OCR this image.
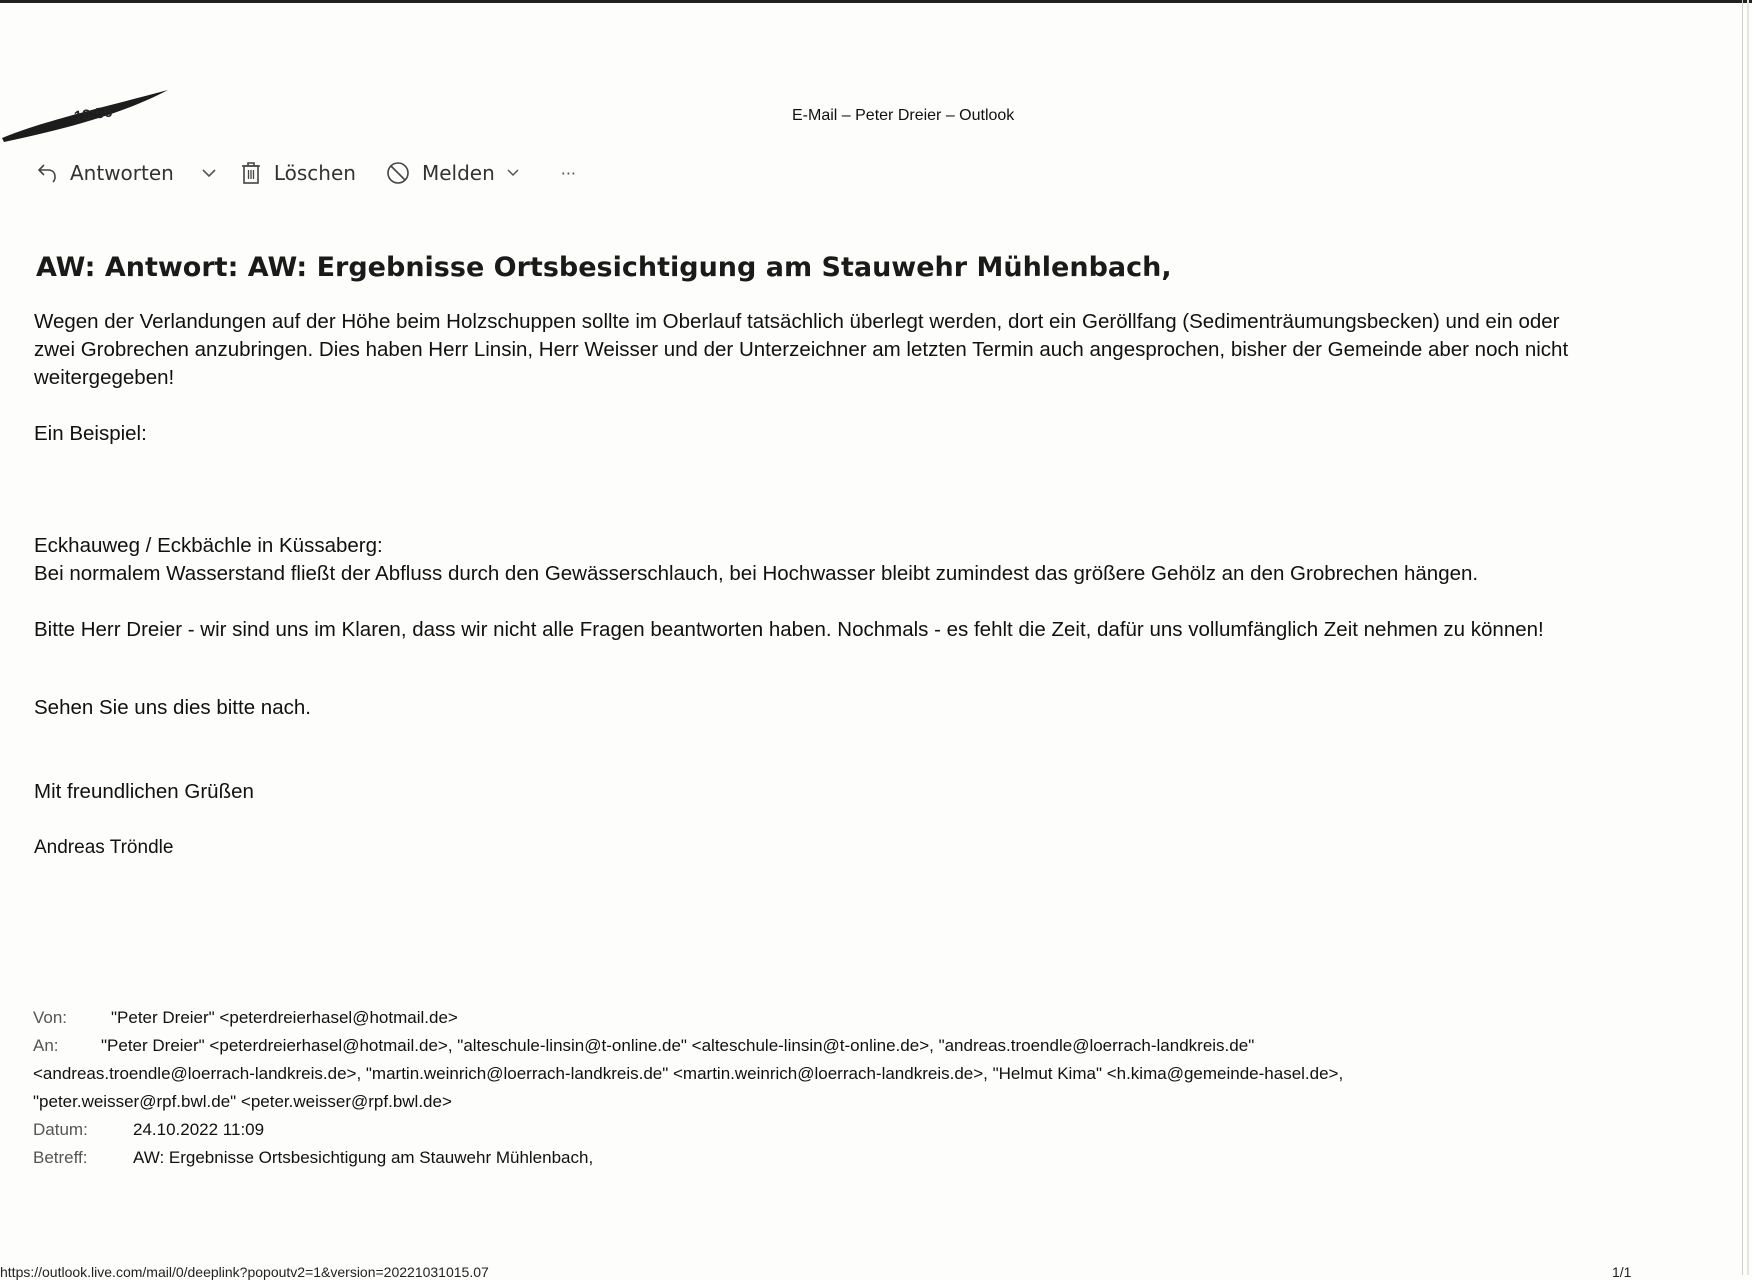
18:56	E-Mail – Peter Dreier – Outlook
Antworten	Löschen	Melden	···
AW: Antwort: AW: Ergebnisse Ortsbesichtigung am Stauwehr Mühlenbach,

Wegen der Verlandungen auf der Höhe beim Holzschuppen sollte im Oberlauf tatsächlich überlegt werden, dort ein Geröllfang (Sedimenträumungsbecken) und ein oder zwei Grobrechen anzubringen. Dies haben Herr Linsin, Herr Weisser und der Unterzeichner am letzten Termin auch angesprochen, bisher der Gemeinde aber noch nicht weitergegeben!

Ein Beispiel:

Eckhauweg / Eckbächle in Küssaberg:

Bei normalem Wasserstand fließt der Abfluss durch den Gewässerschlauch, bei Hochwasser bleibt zumindest das größere Gehölz an den Grobrechen hängen.

Bitte Herr Dreier - wir sind uns im Klaren, dass wir nicht alle Fragen beantworten haben. Nochmals - es fehlt die Zeit, dafür uns vollumfänglich Zeit nehmen zu können!

Sehen Sie uns dies bitte nach.

Mit freundlichen Grüßen

Andreas Tröndle

Von:	"Peter Dreier" <peterdreierhasel@hotmail.de>
An: "Peter Dreier" <peterdreierhasel@hotmail.de>, "alteschule-linsin@t-online.de" <alteschule-linsin@t-online.de>, "andreas.troendle@loerrach-landkreis.de"
<andreas.troendle@loerrach-landkreis.de>, "martin.weinrich@loerrach-landkreis.de" <martin.weinrich@loerrach-landkreis.de>, "Helmut Kima" <h.kima@gemeinde-hasel.de>,
"peter.weisser@rpf.bwl.de" <peter.weisser@rpf.bwl.de>
Datum:	24.10.2022 11:09
Betreff:	AW: Ergebnisse Ortsbesichtigung am Stauwehr Mühlenbach,
https://outlook.live.com/mail/0/deeplink?popoutv2=1&version=20221031015.07	1/1
